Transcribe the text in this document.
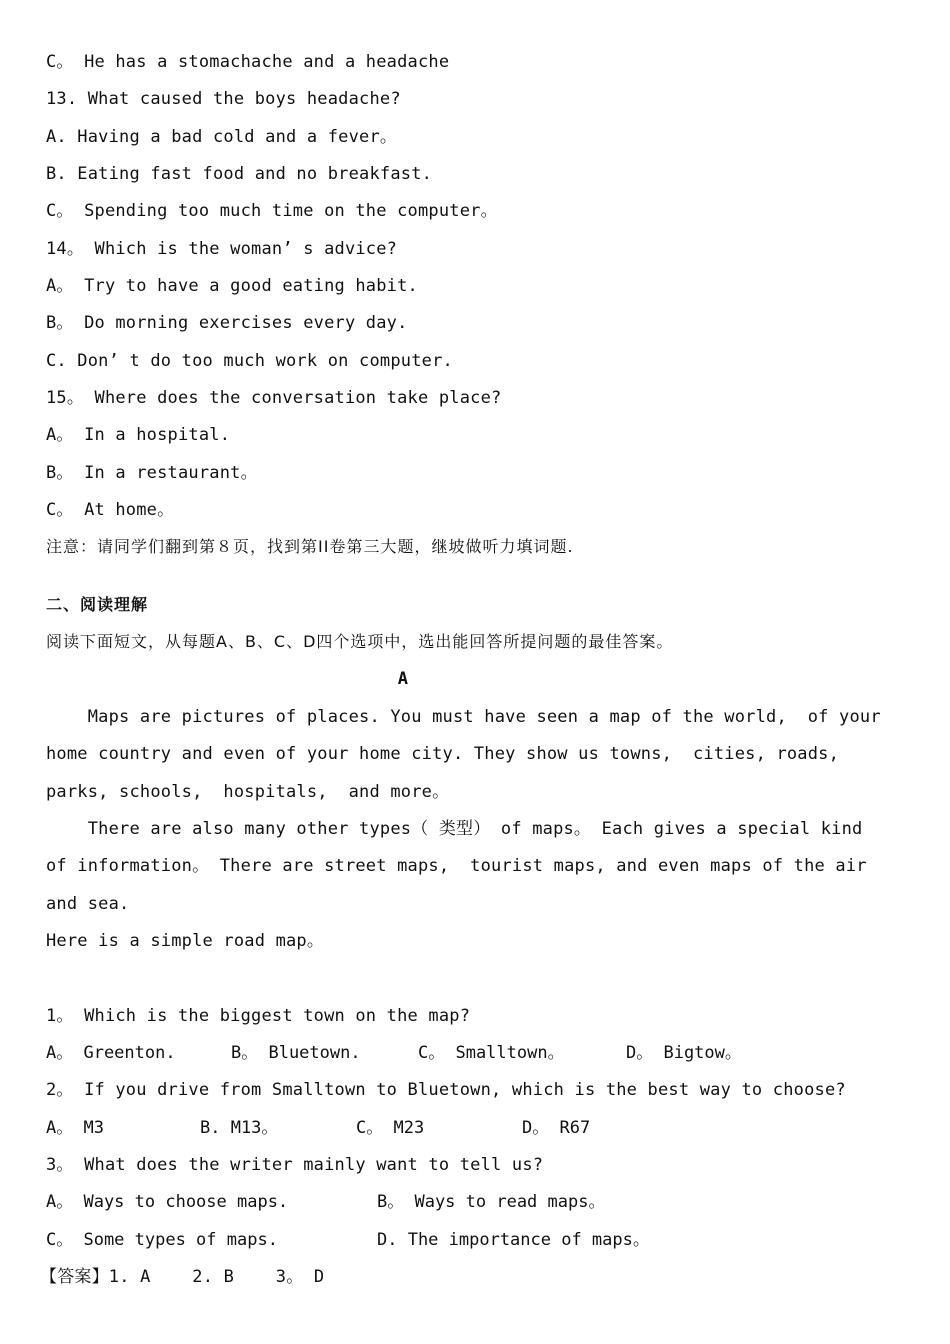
C。 He has a stomachache and a headache
13. What caused the boys headache?
A. Having a bad cold and a fever。
B. Eating fast food and no breakfast.
C。 Spending too much time on the computer。
14。 Which is the woman’ s advice?
A。 Try to have a good eating habit.
B。 Do morning exercises every day.
C. Don’ t do too much work on computer.
15。 Where does the conversation take place?
A。 In a hospital.
B。 In a restaurant。
C。 At home。
注意：请同学们翻到第８页，找到第II卷第三大题，继坡做听力填词题.
二、阅读理解
阅读下面短文，从每题A、B、C、D四个选项中，选出能回答所提问题的最佳答案。
A
Maps are pictures of places. You must have seen a map of the world,  of your
home country and even of your home city. They show us towns,  cities, roads,
parks, schools,  hospitals,  and more。
There are also many other types（ 类型） of maps。 Each gives a special kind
of information。 There are street maps,  tourist maps, and even maps of the air
and sea.
Here is a simple road map。
1。 Which is the biggest town on the map?
A。 Greenton.	B。 Bluetown.	C。 Smalltown。	D。 Bigtow。
2。 If you drive from Smalltown to Bluetown, which is the best way to choose?
A。 M3	B. M13。	C。 M23	D。 R67
3。 What does the writer mainly want to tell us?
A。 Ways to choose maps.	B。 Ways to read maps。
C。 Some types of maps.	D. The importance of maps。
【答案】1. A    2. B    3。 D
